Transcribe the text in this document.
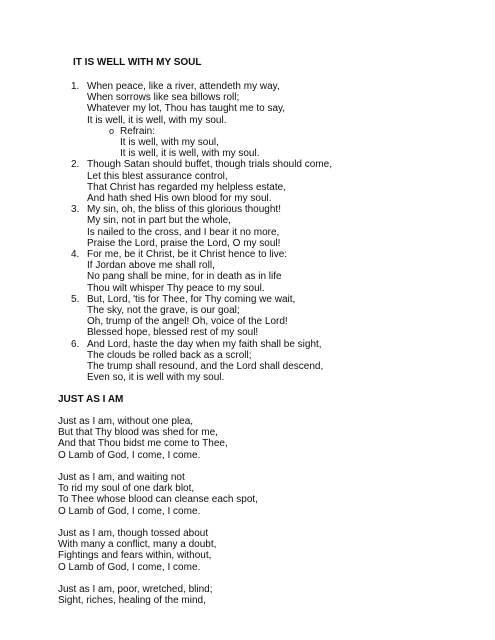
IT IS WELL WITH MY SOUL
1. When peace, like a river, attendeth my way,
When sorrows like sea billows roll;
Whatever my lot, Thou has taught me to say,
It is well, it is well, with my soul.
o Refrain:
It is well, with my soul,
It is well, it is well, with my soul.
2. Though Satan should buffet, though trials should come,
Let this blest assurance control,
That Christ has regarded my helpless estate,
And hath shed His own blood for my soul.
3. My sin, oh, the bliss of this glorious thought!
My sin, not in part but the whole,
Is nailed to the cross, and I bear it no more,
Praise the Lord, praise the Lord, O my soul!
4. For me, be it Christ, be it Christ hence to live:
If Jordan above me shall roll,
No pang shall be mine, for in death as in life
Thou wilt whisper Thy peace to my soul.
5. But, Lord, 'tis for Thee, for Thy coming we wait,
The sky, not the grave, is our goal;
Oh, trump of the angel! Oh, voice of the Lord!
Blessed hope, blessed rest of my soul!
6. And Lord, haste the day when my faith shall be sight,
The clouds be rolled back as a scroll;
The trump shall resound, and the Lord shall descend,
Even so, it is well with my soul.
JUST AS I AM

Just as I am, without one plea,
But that Thy blood was shed for me,
And that Thou bidst me come to Thee,
O Lamb of God, I come, I come.

Just as I am, and waiting not
To rid my soul of one dark blot,
To Thee whose blood can cleanse each spot,
O Lamb of God, I come, I come.

Just as I am, though tossed about
With many a conflict, many a doubt,
Fightings and fears within, without,
O Lamb of God, I come, I come.

Just as I am, poor, wretched, blind;
Sight, riches, healing of the mind,
